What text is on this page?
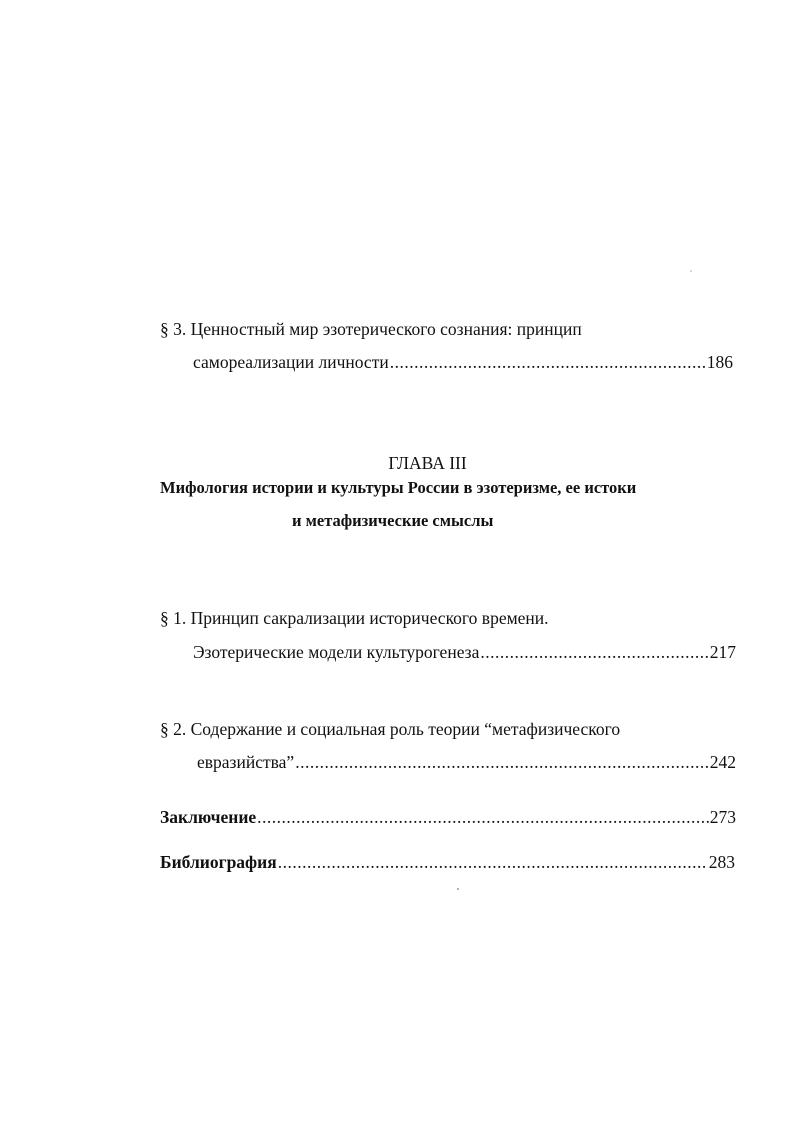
§ 3. Ценностный мир эзотерического сознания: принцип
самореализации личности .....	186
ГЛАВА III
Мифология истории и культуры России в эзотеризме, ее истоки
и метафизические смыслы
§ 1. Принцип сакрализации исторического времени.
Эзотерические модели культурогенеза .....	217
§ 2. Содержание и социальная роль теории “метафизического
евразийства” .....	242
Заключение .....	273
Библиография .....	283
